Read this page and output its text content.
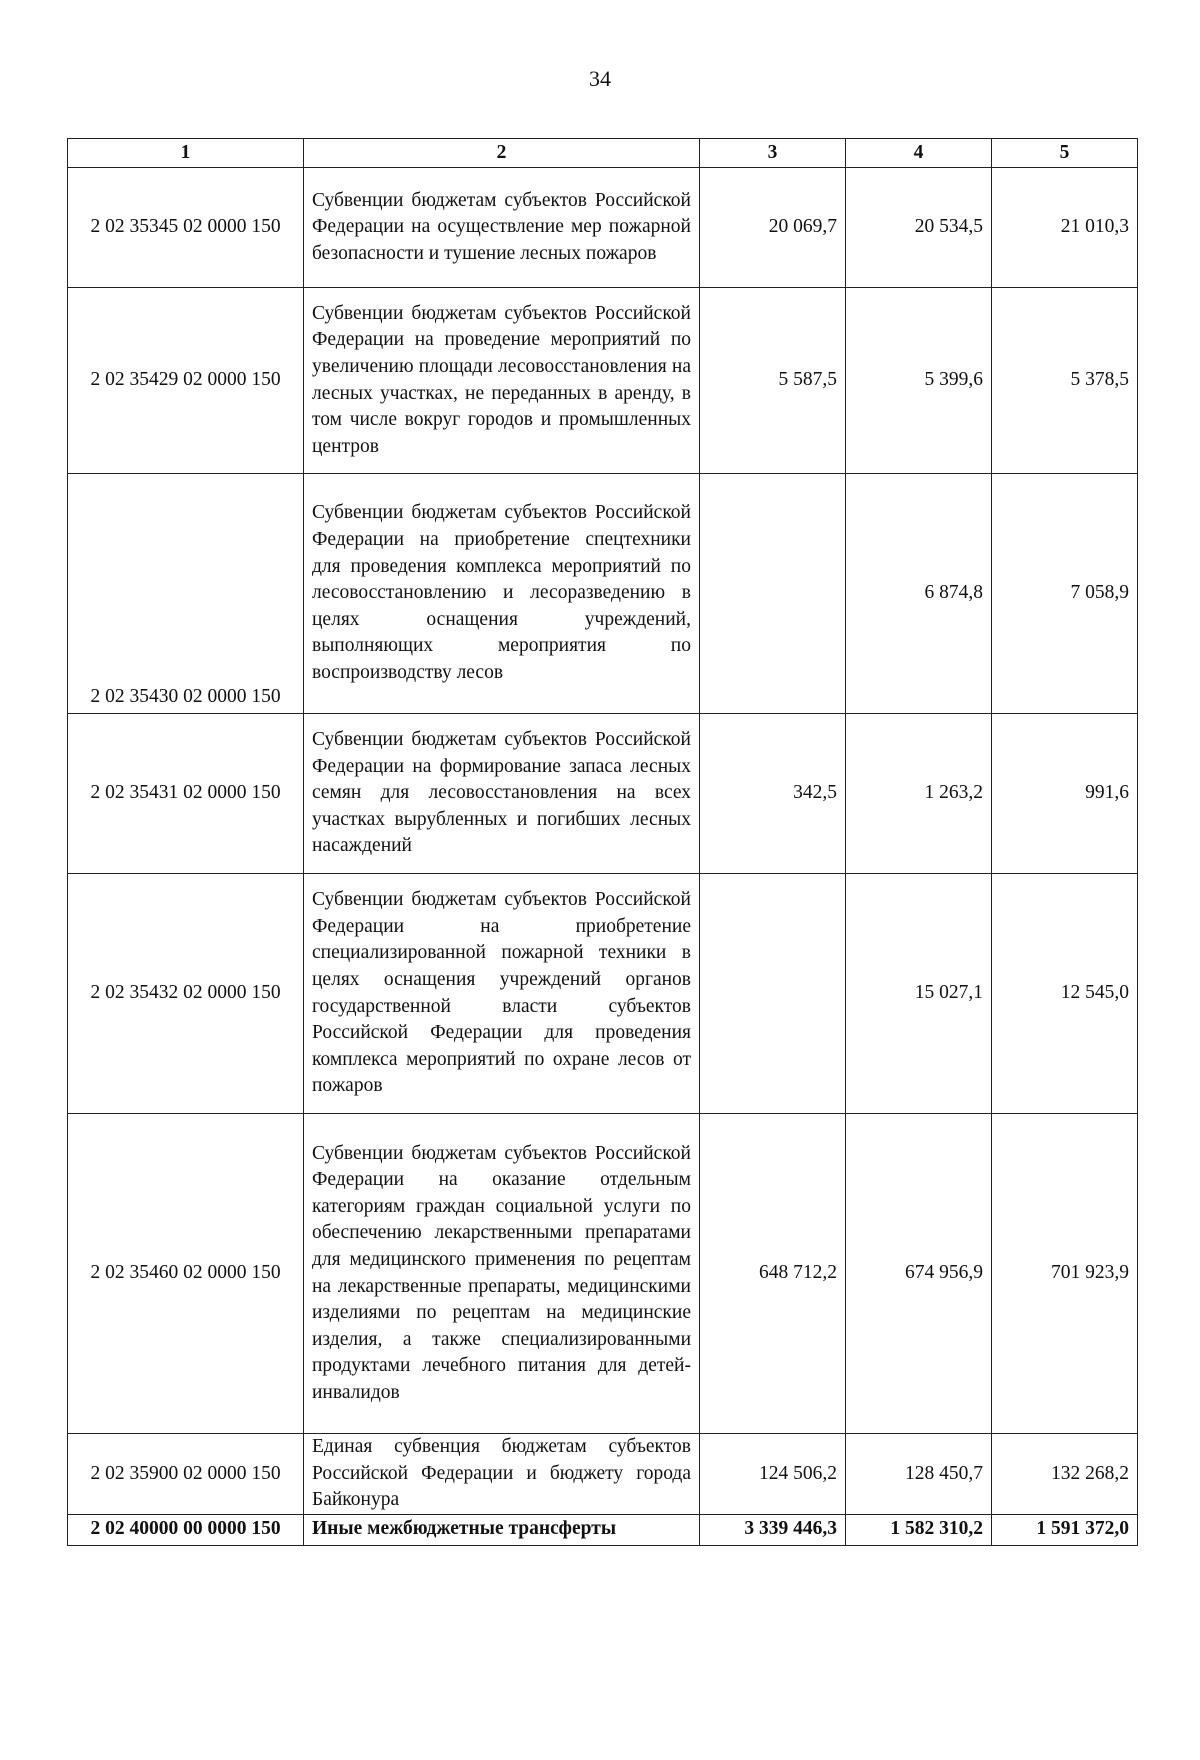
34
1	2	3	4	5
2 02 35345 02 0000 150	Субвенции бюджетам субъектов Российской Федерации на осуществление мер пожарной безопасности и тушение лесных пожаров	20 069,7	20 534,5	21 010,3
2 02 35429 02 0000 150	Субвенции бюджетам субъектов Российской Федерации на проведение мероприятий по увеличению площади лесовосстановления на лесных участках, не переданных в аренду, в том числе вокруг городов и промышленных центров	5 587,5	5 399,6	5 378,5
2 02 35430 02 0000 150	Субвенции бюджетам субъектов Российской Федерации на приобретение спецтехники для проведения комплекса мероприятий по лесовосстановлению и лесоразведению в целях оснащения учреждений, выполняющих мероприятия по воспроизводству лесов		6 874,8	7 058,9
2 02 35431 02 0000 150	Субвенции бюджетам субъектов Российской Федерации на формирование запаса лесных семян для лесовосстановления на всех участках вырубленных и погибших лесных насаждений	342,5	1 263,2	991,6
2 02 35432 02 0000 150	Субвенции бюджетам субъектов Российской Федерации на приобретение специализированной пожарной техники в целях оснащения учреждений органов государственной власти субъектов Российской Федерации для проведения комплекса мероприятий по охране лесов от пожаров		15 027,1	12 545,0
2 02 35460 02 0000 150	Субвенции бюджетам субъектов Российской Федерации на оказание отдельным категориям граждан социальной услуги по обеспечению лекарственными препаратами для медицинского применения по рецептам на лекарственные препараты, медицинскими изделиями по рецептам на медицинские изделия, а также специализированными продуктами лечебного питания для детей-инвалидов	648 712,2	674 956,9	701 923,9
2 02 35900 02 0000 150	Единая субвенция бюджетам субъектов Российской Федерации и бюджету города Байконура	124 506,2	128 450,7	132 268,2
2 02 40000 00 0000 150	Иные межбюджетные трансферты	3 339 446,3	1 582 310,2	1 591 372,0
